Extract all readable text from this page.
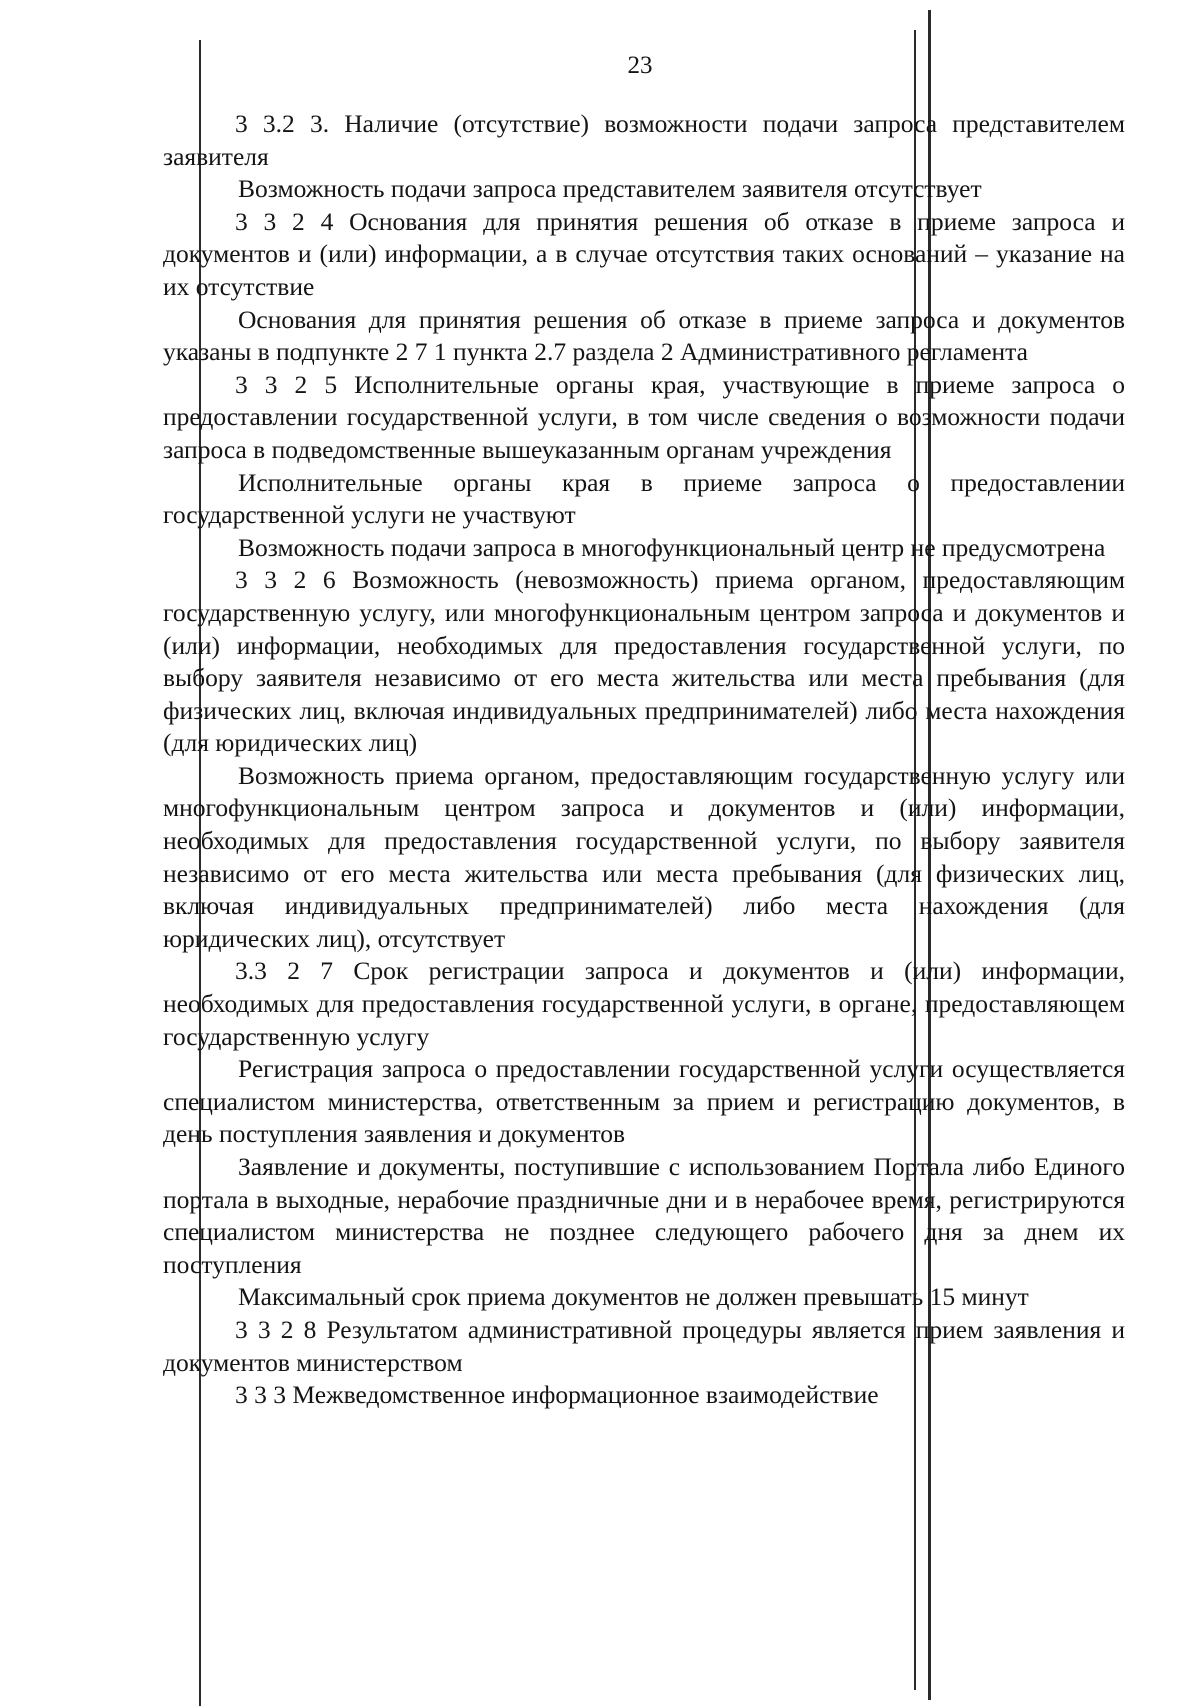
23

3 3.2 3. Наличие (отсутствие) возможности подачи запроса представителем заявителя

Возможность подачи запроса представителем заявителя отсутствует

3 3 2 4 Основания для принятия решения об отказе в приеме запроса и документов и (или) информации, а в случае отсутствия таких оснований – указание на их отсутствие

Основания для принятия решения об отказе в приеме запроса и документов указаны в подпункте 2 7 1 пункта 2.7 раздела 2 Административного регламента

3 3 2 5 Исполнительные органы края, участвующие в приеме запроса о предоставлении государственной услуги, в том числе сведения о возможности подачи запроса в подведомственные вышеуказанным органам учреждения

Исполнительные органы края в приеме запроса о предоставлении государственной услуги не участвуют

Возможность подачи запроса в многофункциональный центр не предусмотрена

3 3 2 6 Возможность (невозможность) приема органом, предоставляющим государственную услугу, или многофункциональным центром запроса и документов и (или) информации, необходимых для предоставления государственной услуги, по выбору заявителя независимо от его места жительства или места пребывания (для физических лиц, включая индивидуальных предпринимателей) либо места нахождения (для юридических лиц)

Возможность приема органом, предоставляющим государственную услугу или многофункциональным центром запроса и документов и (или) информации, необходимых для предоставления государственной услуги, по выбору заявителя независимо от его места жительства или места пребывания (для физических лиц, включая индивидуальных предпринимателей) либо места нахождения (для юридических лиц), отсутствует

3.3 2 7 Срок регистрации запроса и документов и (или) информации, необходимых для предоставления государственной услуги, в органе, предоставляющем государственную услугу

Регистрация запроса о предоставлении государственной услуги осуществляется специалистом министерства, ответственным за прием и регистрацию документов, в день поступления заявления и документов

Заявление и документы, поступившие с использованием Портала либо Единого портала в выходные, нерабочие праздничные дни и в нерабочее время, регистрируются специалистом министерства не позднее следующего рабочего дня за днем их поступления

Максимальный срок приема документов не должен превышать 15 минут

3 3 2 8 Результатом административной процедуры является прием заявления и документов министерством

3 3 3 Межведомственное информационное взаимодействие
